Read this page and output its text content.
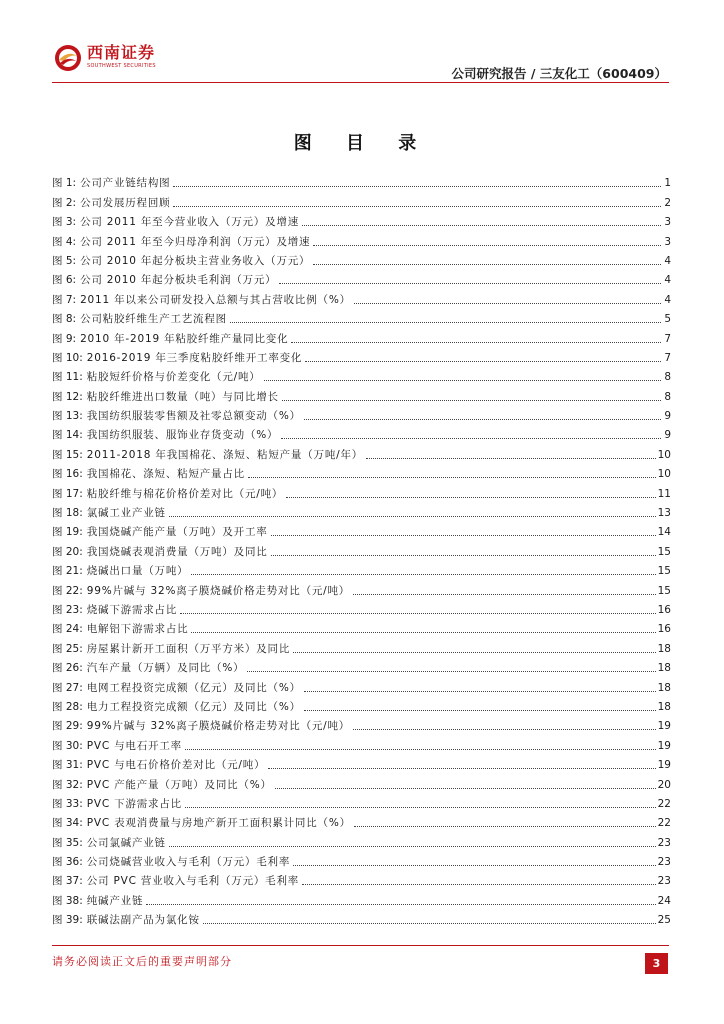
西南证券
SOUTHWEST SECURITIES	公司研究报告 / 三友化工（600409）
图 目 录
图 1: 公司产业链结构图	1
图 2: 公司发展历程回顾	2
图 3: 公司 2011 年至今营业收入（万元）及增速	3
图 4: 公司 2011 年至今归母净利润（万元）及增速	3
图 5: 公司 2010 年起分板块主营业务收入（万元）	4
图 6: 公司 2010 年起分板块毛利润（万元）	4
图 7: 2011 年以来公司研发投入总额与其占营收比例（%）	4
图 8: 公司粘胶纤维生产工艺流程图	5
图 9: 2010 年-2019 年粘胶纤维产量同比变化	7
图 10: 2016-2019 年三季度粘胶纤维开工率变化	7
图 11: 粘胶短纤价格与价差变化（元/吨）	8
图 12: 粘胶纤维进出口数量（吨）与同比增长	8
图 13: 我国纺织服装零售额及社零总额变动（%）	9
图 14: 我国纺织服装、服饰业存货变动（%）	9
图 15: 2011-2018 年我国棉花、涤短、粘短产量（万吨/年）	10
图 16: 我国棉花、涤短、粘短产量占比	10
图 17: 粘胶纤维与棉花价格价差对比（元/吨）	11
图 18: 氯碱工业产业链	13
图 19: 我国烧碱产能产量（万吨）及开工率	14
图 20: 我国烧碱表观消费量（万吨）及同比	15
图 21: 烧碱出口量（万吨）	15
图 22: 99%片碱与 32%离子膜烧碱价格走势对比（元/吨）	15
图 23: 烧碱下游需求占比	16
图 24: 电解铝下游需求占比	16
图 25: 房屋累计新开工面积（万平方米）及同比	18
图 26: 汽车产量（万辆）及同比（%）	18
图 27: 电网工程投资完成额（亿元）及同比（%）	18
图 28: 电力工程投资完成额（亿元）及同比（%）	18
图 29: 99%片碱与 32%离子膜烧碱价格走势对比（元/吨）	19
图 30: PVC 与电石开工率	19
图 31: PVC 与电石价格价差对比（元/吨）	19
图 32: PVC 产能产量（万吨）及同比（%）	20
图 33: PVC 下游需求占比	22
图 34: PVC 表观消费量与房地产新开工面积累计同比（%）	22
图 35: 公司氯碱产业链	23
图 36: 公司烧碱营业收入与毛利（万元）毛利率	23
图 37: 公司 PVC 营业收入与毛利（万元）毛利率	23
图 38: 纯碱产业链	24
图 39: 联碱法副产品为氯化铵	25
请务必阅读正文后的重要声明部分	3
